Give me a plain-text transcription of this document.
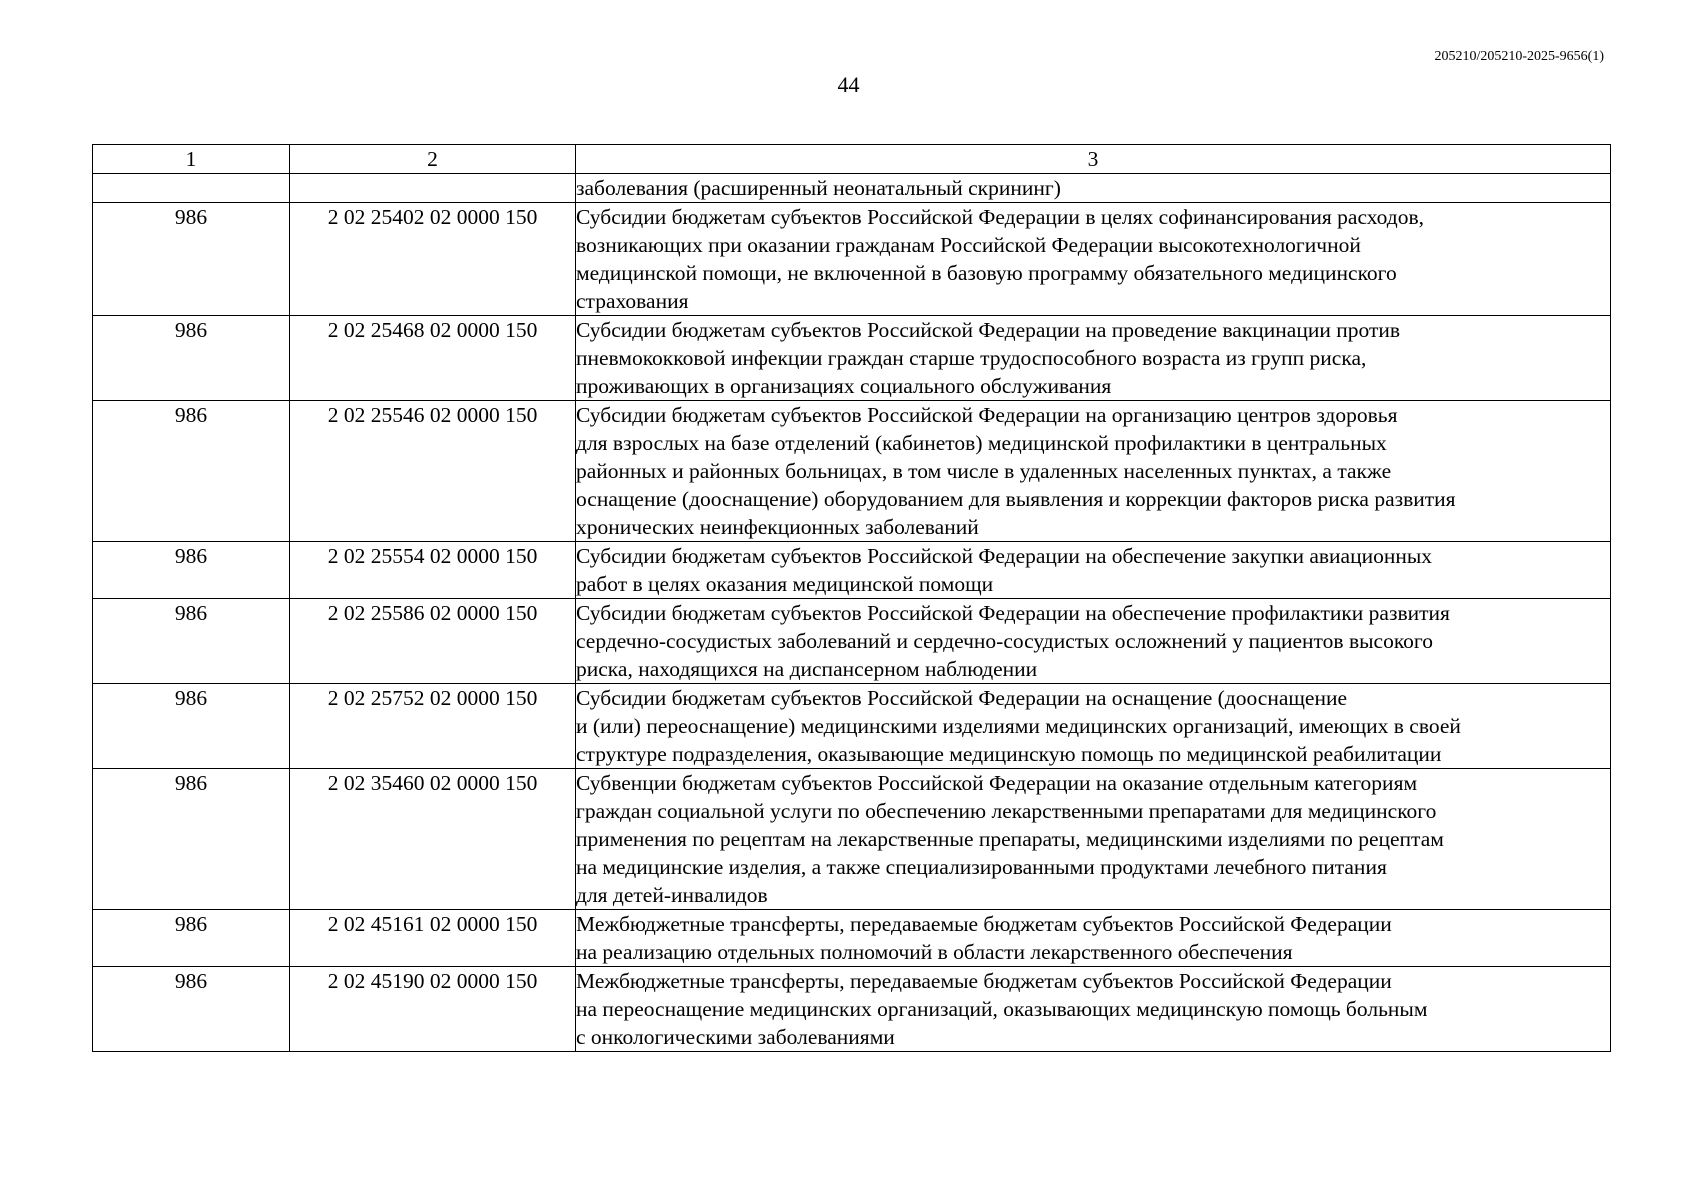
205210/205210-2025-9656(1)
44
1	2	3
		заболевания (расширенный неонатальный скрининг)
986	2 02 25402 02 0000 150	Субсидии бюджетам субъектов Российской Федерации в целях софинансирования расходов,
возникающих при оказании гражданам Российской Федерации высокотехнологичной
медицинской помощи, не включенной в базовую программу обязательного медицинского
страхования
986	2 02 25468 02 0000 150	Субсидии бюджетам субъектов Российской Федерации на проведение вакцинации против
пневмококковой инфекции граждан старше трудоспособного возраста из групп риска,
проживающих в организациях социального обслуживания
986	2 02 25546 02 0000 150	Субсидии бюджетам субъектов Российской Федерации на организацию центров здоровья
для взрослых на базе отделений (кабинетов) медицинской профилактики в центральных
районных и районных больницах, в том числе в удаленных населенных пунктах, а также
оснащение (дооснащение) оборудованием для выявления и коррекции факторов риска развития
хронических неинфекционных заболеваний
986	2 02 25554 02 0000 150	Субсидии бюджетам субъектов Российской Федерации на обеспечение закупки авиационных
работ в целях оказания медицинской помощи
986	2 02 25586 02 0000 150	Субсидии бюджетам субъектов Российской Федерации на обеспечение профилактики развития
сердечно-сосудистых заболеваний и сердечно-сосудистых осложнений у пациентов высокого
риска, находящихся на диспансерном наблюдении
986	2 02 25752 02 0000 150	Субсидии бюджетам субъектов Российской Федерации на оснащение (дооснащение
и (или) переоснащение) медицинскими изделиями медицинских организаций, имеющих в своей
структуре подразделения, оказывающие медицинскую помощь по медицинской реабилитации
986	2 02 35460 02 0000 150	Субвенции бюджетам субъектов Российской Федерации на оказание отдельным категориям
граждан социальной услуги по обеспечению лекарственными препаратами для медицинского
применения по рецептам на лекарственные препараты, медицинскими изделиями по рецептам
на медицинские изделия, а также специализированными продуктами лечебного питания
для детей-инвалидов
986	2 02 45161 02 0000 150	Межбюджетные трансферты, передаваемые бюджетам субъектов Российской Федерации
на реализацию отдельных полномочий в области лекарственного обеспечения
986	2 02 45190 02 0000 150	Межбюджетные трансферты, передаваемые бюджетам субъектов Российской Федерации
на переоснащение медицинских организаций, оказывающих медицинскую помощь больным
с онкологическими заболеваниями
